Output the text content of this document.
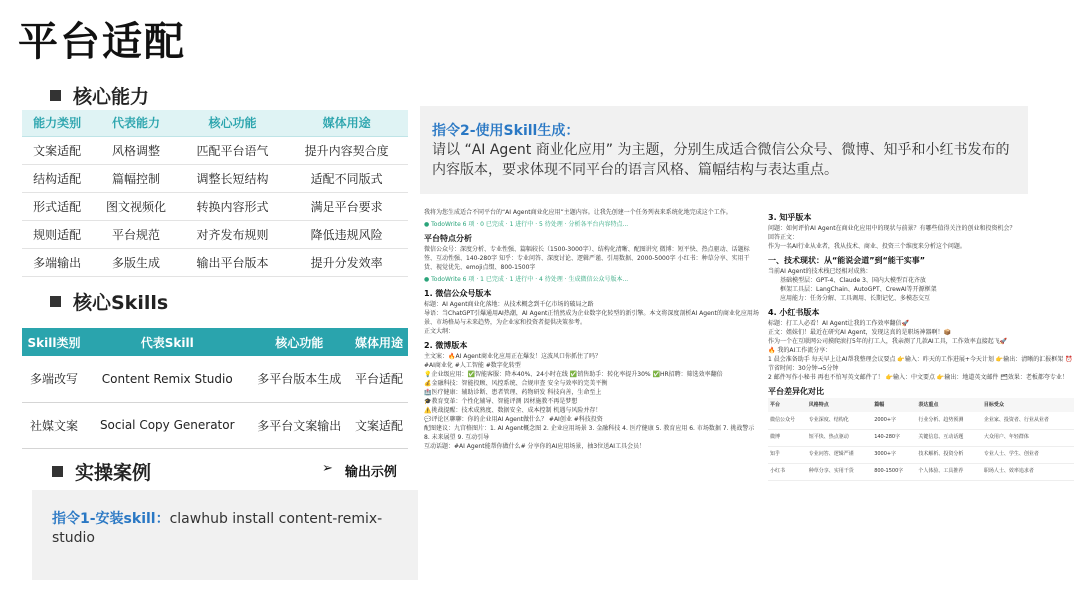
平台适配
核心能力
能力类别	代表能力	核心功能	媒体用途
文案适配	风格调整	匹配平台语气	提升内容契合度
结构适配	篇幅控制	调整长短结构	适配不同版式
形式适配	图文视频化	转换内容形式	满足平台要求
规则适配	平台规范	对齐发布规则	降低违规风险
多端输出	多版生成	输出平台版本	提升分发效率
核心Skills
Skill类别	代表Skill	核心功能	媒体用途
多端改写	Content Remix Studio	多平台版本生成	平台适配
社媒文案	Social Copy Generator	多平台文案输出	文案适配
实操案例	➢ 输出示例
指令1-安装skill：clawhub install content-remix-studio
指令2-使用Skill生成：
请以 “AI Agent 商业化应用” 为主题，分别生成适合微信公众号、微博、知乎和小红书发布的内容版本，要求体现不同平台的语言风格、篇幅结构与表达重点。
我将为您生成适合不同平台的“AI Agent商业化应用”主题内容。让我先创建一个任务列表来系统化地完成这个工作。
● TodoWrite 6 项 · 0 已完成 · 1 进行中 · 5 待处理 · 分析各平台内容特点...
平台特点分析
微信公众号：深度分析、专业性强、篇幅较长（1500-3000字）、结构化清晰、配图讲究 微博：短平快、热点驱动、话题标签、互动性强、140-280字 知乎：专业问答、深度讨论、逻辑严谨、引用数据、2000-5000字 小红书：种草分享、实用干货、视觉优先、emoji点缀、800-1500字
● TodoWrite 6 项 · 1 已完成 · 1 进行中 · 4 待处理 · 生成微信公众号版本...
1. 微信公众号版本
标题：AI Agent商业化落地：从技术概念到千亿市场的破局之路
导语：当ChatGPT引爆通用AI热潮，AI Agent正悄然成为企业数字化转型的新引擎。本文将深度剖析AI Agent的商业化应用场景、市场格局与未来趋势，为企业家和投资者提供决策参考。
正文大纲：
2. 微博版本
主文案：🔥AI Agent商业化应用正在爆发！这波风口你抓住了吗？
#AI商业化 #人工智能 #数字化转型
💡企业级应用：✅智能客服：降本40%、24小时在线 ✅销售助手：转化率提升30% ✅HR招聘：筛选效率翻倍
💰金融科技：智能投顾、风控系统、合规审查 安全与效率的完美平衡
🏥医疗健康：辅助诊断、患者管理、药物研发 科技向善，生命至上
🎓教育变革：个性化辅导、智能评测 因材施教不再是梦想
⚠️挑战提醒：技术成熟度、数据安全、成本控制 机遇与风险并存！
💬评论区聊聊：你的企业用AI Agent做什么？ #AI创业 #科技投资
配图建议：九宫格图片：1. AI Agent概念图 2. 企业应用场景 3. 金融科技 4. 医疗健康 5. 教育应用 6. 市场数据 7. 挑战警示 8. 未来展望 9. 互动引导
互动话题：#AI Agent能帮你做什么# 分享你的AI应用场景，抽3位送AI工具会员！
3. 知乎版本
问题：如何评价AI Agent在商业化应用中的现状与前景？有哪些值得关注的创业和投资机会？
回答正文：
作为一名AI行业从业者，我从技术、商业、投资三个维度来分析这个问题。
一、技术现状：从“能说会道”到“能干实事”
当前AI Agent的技术栈已经相对成熟：
基础模型层：GPT-4、Claude 3、国内大模型百花齐放
框架工具层：LangChain、AutoGPT、CrewAI等开源框架
应用能力：任务分解、工具调用、长期记忆、多模态交互
4. 小红书版本
标题：打工人必看！AI Agent让我的工作效率翻倍🚀
正文：姐妹们！最近在研究AI Agent，发现这真的是职场神器啊！📦
作为一个在互联网公司摸爬滚打5年的打工人，我亲测了几款AI工具，工作效率直接起飞🚀
🔥 我的AI工作流分享：
1 晨会准备助手 每天早上让AI帮我整理会议要点 👉输入：昨天的工作进展+今天计划 👉输出：清晰的汇报框架 ⏰节省时间：30分钟→5分钟
2 邮件写作小秘书 再也不怕写英文邮件了！ 👉输入：中文要点 👉输出：地道英文邮件 🗂效果：老板都夸专业！
平台差异化对比
平台	风格特点	篇幅	表达重点	目标受众
微信公众号	专业深度、结构化	2000+字	行业分析、趋势预测	企业家、投资者、行业从业者
微博	短平快、热点驱动	140-280字	关键信息、互动话题	大众用户、年轻群体
知乎	专业问答、逻辑严谨	3000+字	技术解析、投资分析	专业人士、学生、创业者
小红书	种草分享、实用干货	800-1500字	个人体验、工具推荐	职场人士、效率追求者
